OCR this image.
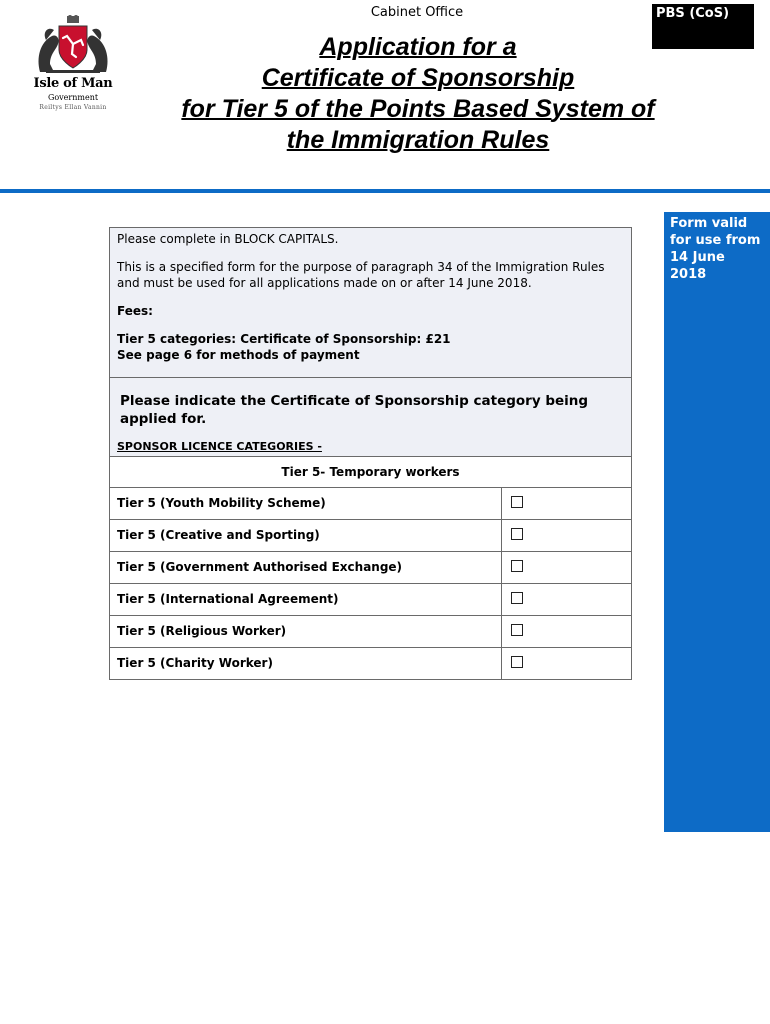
Isle of Man
Government
Reiltys Ellan Vannin
Cabinet Office	PBS (CoS)
Application for a
Certificate of Sponsorship
for Tier 5 of the Points Based System of
the Immigration Rules
Form valid
for use from
14 June
2018

Please complete in BLOCK CAPITALS.

This is a specified form for the purpose of paragraph 34 of the Immigration Rules and must be used for all applications made on or after 14 June 2018.

Fees:

Tier 5 categories: Certificate of Sponsorship: £21

See page 6 for methods of payment

Please indicate the Certificate of Sponsorship category being applied for.
SPONSOR LICENCE CATEGORIES -
Tier 5- Temporary workers
Tier 5 (Youth Mobility Scheme)
Tier 5 (Creative and Sporting)
Tier 5 (Government Authorised Exchange)
Tier 5 (International Agreement)
Tier 5 (Religious Worker)
Tier 5 (Charity Worker)
